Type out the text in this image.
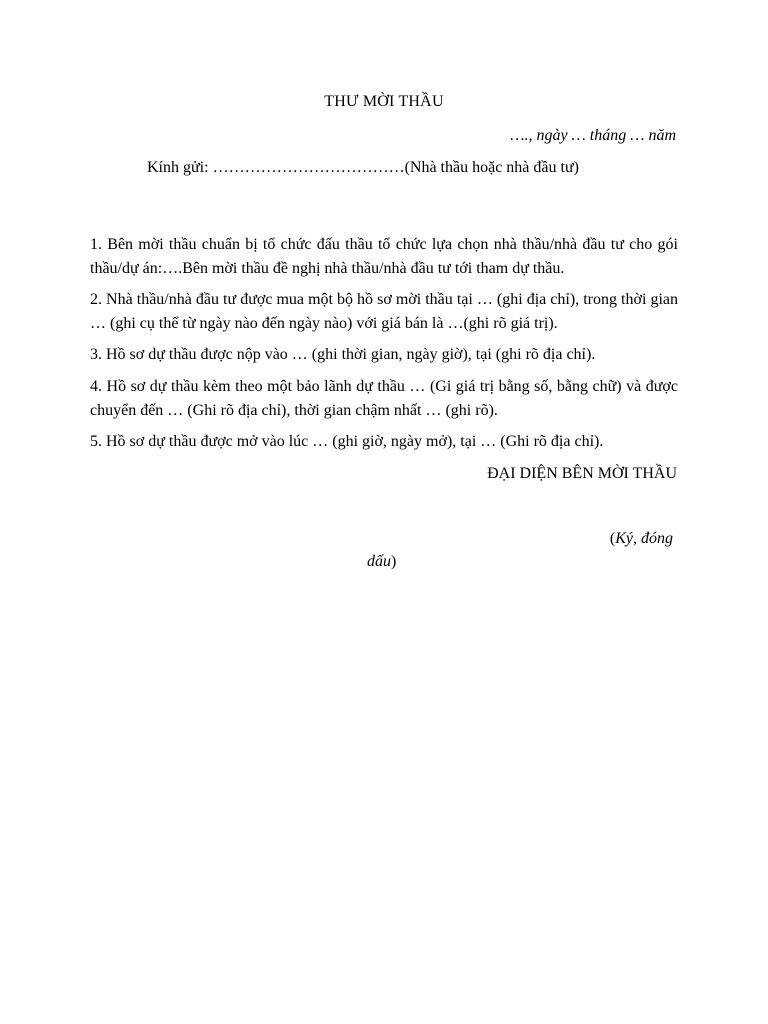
THƯ MỜI THẦU
…., ngày … tháng … năm
Kính gửi: ………………………………(Nhà thầu hoặc nhà đầu tư)
1. Bên mời thầu chuẩn bị tổ chức đấu thầu tổ chức lựa chọn nhà thầu/nhà đầu tư cho gói thầu/dự án:….Bên mời thầu đề nghị nhà thầu/nhà đầu tư tới tham dự thầu.
2. Nhà thầu/nhà đầu tư được mua một bộ hồ sơ mời thầu tại … (ghi địa chỉ), trong thời gian … (ghi cụ thể từ ngày nào đến ngày nào) với giá bán là …(ghi rõ giá trị).
3. Hồ sơ dự thầu được nộp vào … (ghi thời gian, ngày giờ), tại (ghi rõ địa chỉ).
4. Hồ sơ dự thầu kèm theo một bảo lãnh dự thầu … (Gi giá trị bằng số, bằng chữ) và được chuyển đến … (Ghi rõ địa chỉ), thời gian chậm nhất … (ghi rõ).
5. Hồ sơ dự thầu được mở vào lúc … (ghi giờ, ngày mở), tại … (Ghi rõ địa chỉ).
ĐẠI DIỆN BÊN MỜI THẦU
(Ký, đóng
dấu)
